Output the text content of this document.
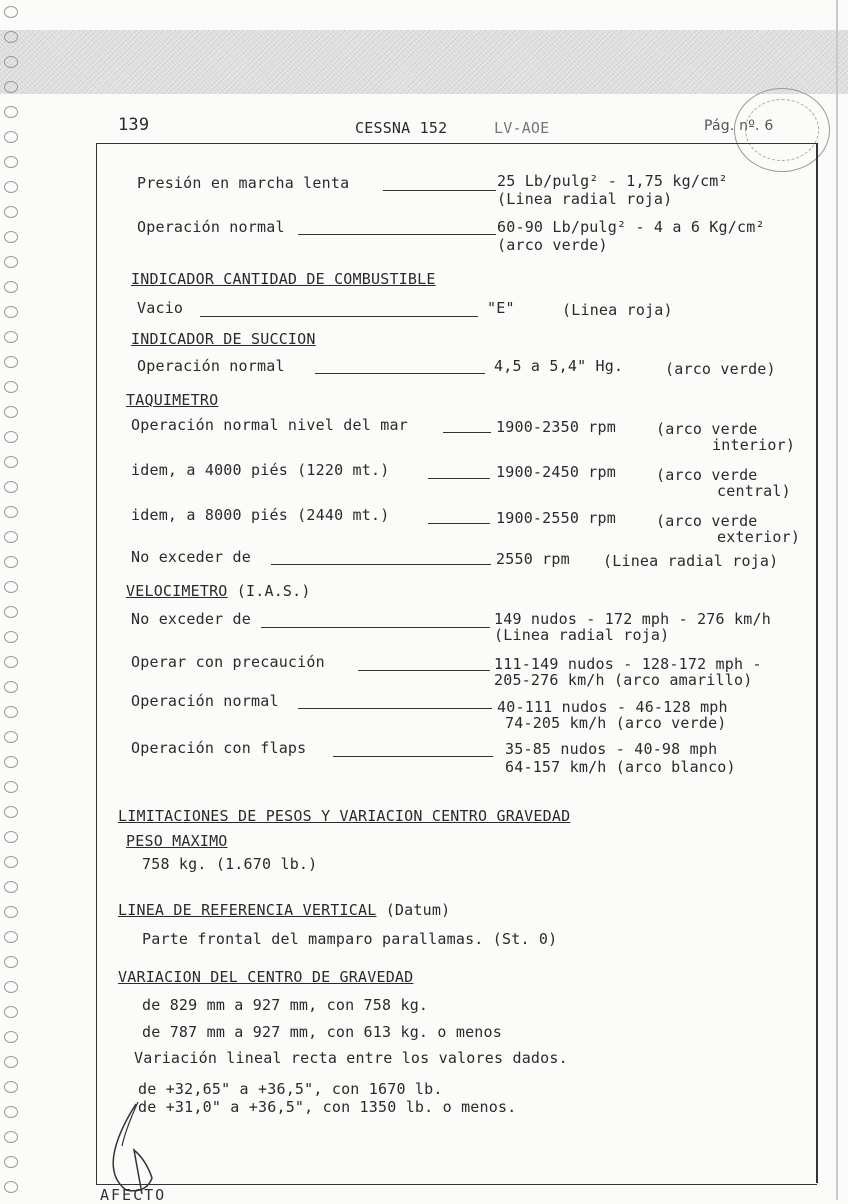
139	CESSNA 152	LV-AOE	Pág. nº. 6
Presión en marcha lenta	25 Lb/pulg² - 1,75 kg/cm²
(Linea radial roja)
Operación normal	60-90 Lb/pulg² - 4 a 6 Kg/cm²
(arco verde)
INDICADOR CANTIDAD DE COMBUSTIBLE
Vacio	"E"	(Linea roja)
INDICADOR DE SUCCION
Operación normal	4,5 a 5,4" Hg.	(arco verde)
TAQUIMETRO
Operación normal nivel del mar	1900-2350 rpm	(arco verde
interior)
idem, a 4000 piés (1220 mt.)	1900-2450 rpm	(arco verde
central)
idem, a 8000 piés (2440 mt.)	1900-2550 rpm	(arco verde
exterior)
No exceder de	2550 rpm (Linea radial roja)
VELOCIMETRO (I.A.S.)
No exceder de	149 nudos - 172 mph - 276 km/h
(Linea radial roja)
Operar con precaución	111-149 nudos - 128-172 mph -
205-276 km/h (arco amarillo)
Operación normal	40-111 nudos - 46-128 mph
74-205 km/h (arco verde)
Operación con flaps	35-85 nudos - 40-98 mph
64-157 km/h (arco blanco)
LIMITACIONES DE PESOS Y VARIACION CENTRO GRAVEDAD
PESO MAXIMO
758 kg. (1.670 lb.)
LINEA DE REFERENCIA VERTICAL (Datum)
Parte frontal del mamparo parallamas. (St. 0)
VARIACION DEL CENTRO DE GRAVEDAD
de 829 mm a 927 mm, con 758 kg.
de 787 mm a 927 mm, con 613 kg. o menos
Variación lineal recta entre los valores dados.
de +32,65" a +36,5", con 1670 lb.
de +31,0" a +36,5", con 1350 lb. o menos.
AFECTO
